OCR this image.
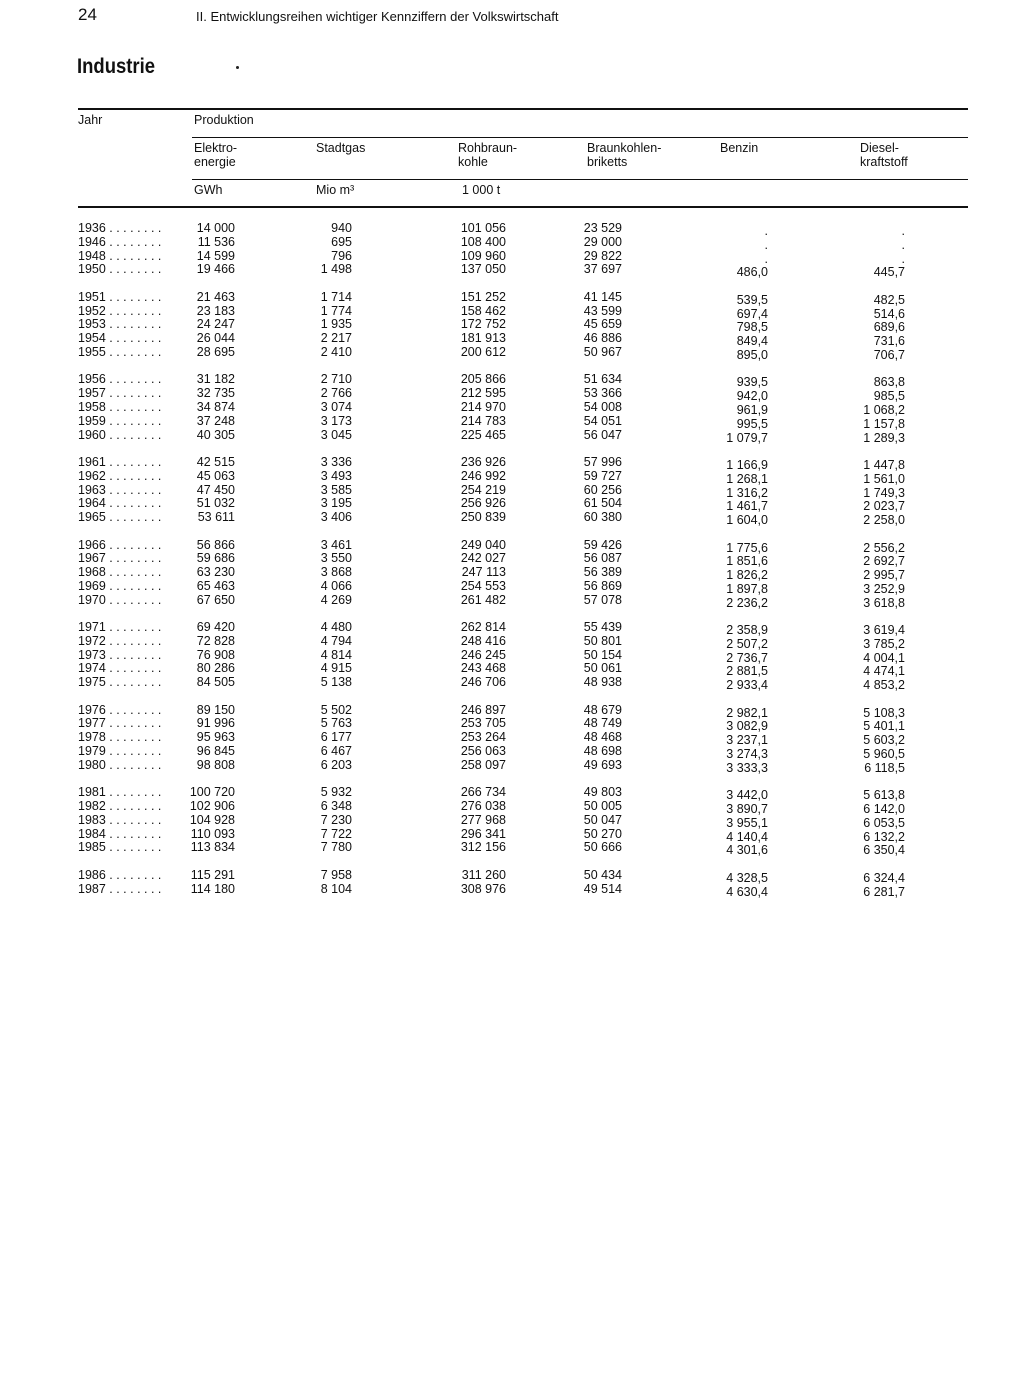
24	II. Entwicklungsreihen wichtiger Kennziffern der Volkswirtschaft
Industrie
Jahr	Produktion
Elektro-
energie
Stadtgas	Rohbraun-
kohle
Braunkohlen-
briketts
Benzin	Diesel-
kraftstoff
GWh	Mio m³	1 000 t
1936 . . . . . . . .	14 000	940	101 056	23 529	.	.
1946 . . . . . . . .	11 536	695	108 400	29 000	.	.
1948 . . . . . . . .	14 599	796	109 960	29 822	.	.
1950 . . . . . . . .	19 466	1 498	137 050	37 697	486,0	445,7
1951 . . . . . . . .	21 463	1 714	151 252	41 145	539,5	482,5
1952 . . . . . . . .	23 183	1 774	158 462	43 599	697,4	514,6
1953 . . . . . . . .	24 247	1 935	172 752	45 659	798,5	689,6
1954 . . . . . . . .	26 044	2 217	181 913	46 886	849,4	731,6
1955 . . . . . . . .	28 695	2 410	200 612	50 967	895,0	706,7
1956 . . . . . . . .	31 182	2 710	205 866	51 634	939,5	863,8
1957 . . . . . . . .	32 735	2 766	212 595	53 366	942,0	985,5
1958 . . . . . . . .	34 874	3 074	214 970	54 008	961,9	1 068,2
1959 . . . . . . . .	37 248	3 173	214 783	54 051	995,5	1 157,8
1960 . . . . . . . .	40 305	3 045	225 465	56 047	1 079,7	1 289,3
1961 . . . . . . . .	42 515	3 336	236 926	57 996	1 166,9	1 447,8
1962 . . . . . . . .	45 063	3 493	246 992	59 727	1 268,1	1 561,0
1963 . . . . . . . .	47 450	3 585	254 219	60 256	1 316,2	1 749,3
1964 . . . . . . . .	51 032	3 195	256 926	61 504	1 461,7	2 023,7
1965 . . . . . . . .	53 611	3 406	250 839	60 380	1 604,0	2 258,0
1966 . . . . . . . .	56 866	3 461	249 040	59 426	1 775,6	2 556,2
1967 . . . . . . . .	59 686	3 550	242 027	56 087	1 851,6	2 692,7
1968 . . . . . . . .	63 230	3 868	247 113	56 389	1 826,2	2 995,7
1969 . . . . . . . .	65 463	4 066	254 553	56 869	1 897,8	3 252,9
1970 . . . . . . . .	67 650	4 269	261 482	57 078	2 236,2	3 618,8
1971 . . . . . . . .	69 420	4 480	262 814	55 439	2 358,9	3 619,4
1972 . . . . . . . .	72 828	4 794	248 416	50 801	2 507,2	3 785,2
1973 . . . . . . . .	76 908	4 814	246 245	50 154	2 736,7	4 004,1
1974 . . . . . . . .	80 286	4 915	243 468	50 061	2 881,5	4 474,1
1975 . . . . . . . .	84 505	5 138	246 706	48 938	2 933,4	4 853,2
1976 . . . . . . . .	89 150	5 502	246 897	48 679	2 982,1	5 108,3
1977 . . . . . . . .	91 996	5 763	253 705	48 749	3 082,9	5 401,1
1978 . . . . . . . .	95 963	6 177	253 264	48 468	3 237,1	5 603,2
1979 . . . . . . . .	96 845	6 467	256 063	48 698	3 274,3	5 960,5
1980 . . . . . . . .	98 808	6 203	258 097	49 693	3 333,3	6 118,5
1981 . . . . . . . . 100 720	5 932	266 734	49 803	3 442,0	5 613,8
1982 . . . . . . . . 102 906	6 348	276 038	50 005	3 890,7	6 142,0
1983 . . . . . . . . 104 928	7 230	277 968	50 047	3 955,1	6 053,5
1984 . . . . . . . . 110 093	7 722	296 341	50 270	4 140,4	6 132,2
1985 . . . . . . . . 113 834	7 780	312 156	50 666	4 301,6	6 350,4
1986 . . . . . . . . 115 291	7 958	311 260	50 434	4 328,5	6 324,4
1987 . . . . . . . . 114 180	8 104	308 976	49 514	4 630,4	6 281,7
